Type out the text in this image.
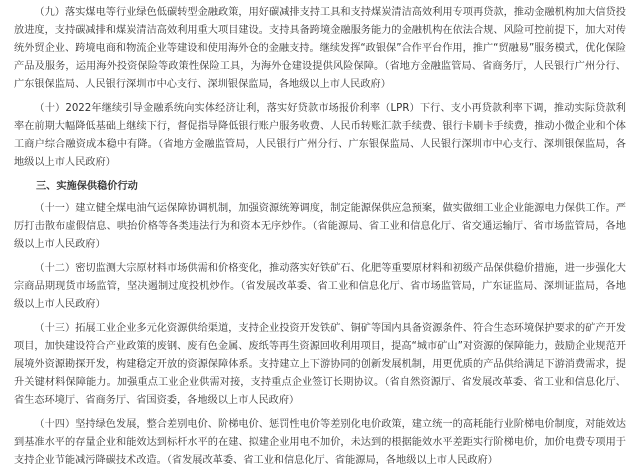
（九）落实煤电等行业绿色低碳转型金融政策，用好碳减排支持工具和支持煤炭清洁高效利用专项再贷款，推动金融机构加大信贷投放进度，支持碳减排和煤炭清洁高效利用重大项目建设。支持具备跨境金融服务能力的金融机构在依法合规、风险可控前提下，加大对传统外贸企业、跨境电商和物流企业等建设和使用海外仓的金融支持。继续发挥“政银保”合作平台作用，推广“贸融易”服务模式，优化保险产品及服务，运用海外投资保险等政策性保险工具，为海外仓建设提供风险保障。（省地方金融监管局、省商务厅，人民银行广州分行、广东银保监局、人民银行深圳市中心支行、深圳银保监局，各地级以上市人民政府）

（十）2022年继续引导金融系统向实体经济让利，落实好贷款市场报价利率（LPR）下行、支小再贷款利率下调，推动实际贷款利率在前期大幅降低基础上继续下行，督促指导降低银行账户服务收费、人民币转账汇款手续费、银行卡刷卡手续费，推动小微企业和个体工商户综合融资成本稳中有降。（省地方金融监管局，人民银行广州分行、广东银保监局、人民银行深圳市中心支行、深圳银保监局，各地级以上市人民政府）

三、实施保供稳价行动

（十一）建立健全煤电油气运保障协调机制，加强资源统筹调度，制定能源保供应急预案，做实做细工业企业能源电力保供工作。严厉打击散布虚假信息、哄抬价格等各类违法行为和资本无序炒作。（省能源局、省工业和信息化厅、省交通运输厅、省市场监管局，各地级以上市人民政府）

（十二）密切监测大宗原材料市场供需和价格变化，推动落实好铁矿石、化肥等重要原材料和初级产品保供稳价措施，进一步强化大宗商品期现货市场监管，坚决遏制过度投机炒作。（省发展改革委、省工业和信息化厅、省市场监管局，广东证监局、深圳证监局，各地级以上市人民政府）

（十三）拓展工业企业多元化资源供给渠道，支持企业投资开发铁矿、铜矿等国内具备资源条件、符合生态环境保护要求的矿产开发项目，加快建设符合产业政策的废钢、废有色金属、废纸等再生资源回收利用项目，提高“城市矿山”对资源的保障能力，鼓励企业规范开展境外资源勘探开发，构建稳定开放的资源保障体系。支持建立上下游协同的创新发展机制，用更优质的产品供给满足下游消费需求，提升关键材料保障能力。加强重点工业企业供需对接，支持重点企业签订长期协议。（省自然资源厅、省发展改革委、省工业和信息化厅、省生态环境厅、省商务厅、省国资委，各地级以上市人民政府）

（十四）坚持绿色发展，整合差别电价、阶梯电价、惩罚性电价等差别化电价政策，建立统一的高耗能行业阶梯电价制度，对能效达到基准水平的存量企业和能效达到标杆水平的在建、拟建企业用电不加价，未达到的根据能效水平差距实行阶梯电价，加价电费专项用于支持企业节能减污降碳技术改造。（省发展改革委、省工业和信息化厅、省能源局，各地级以上市人民政府）
